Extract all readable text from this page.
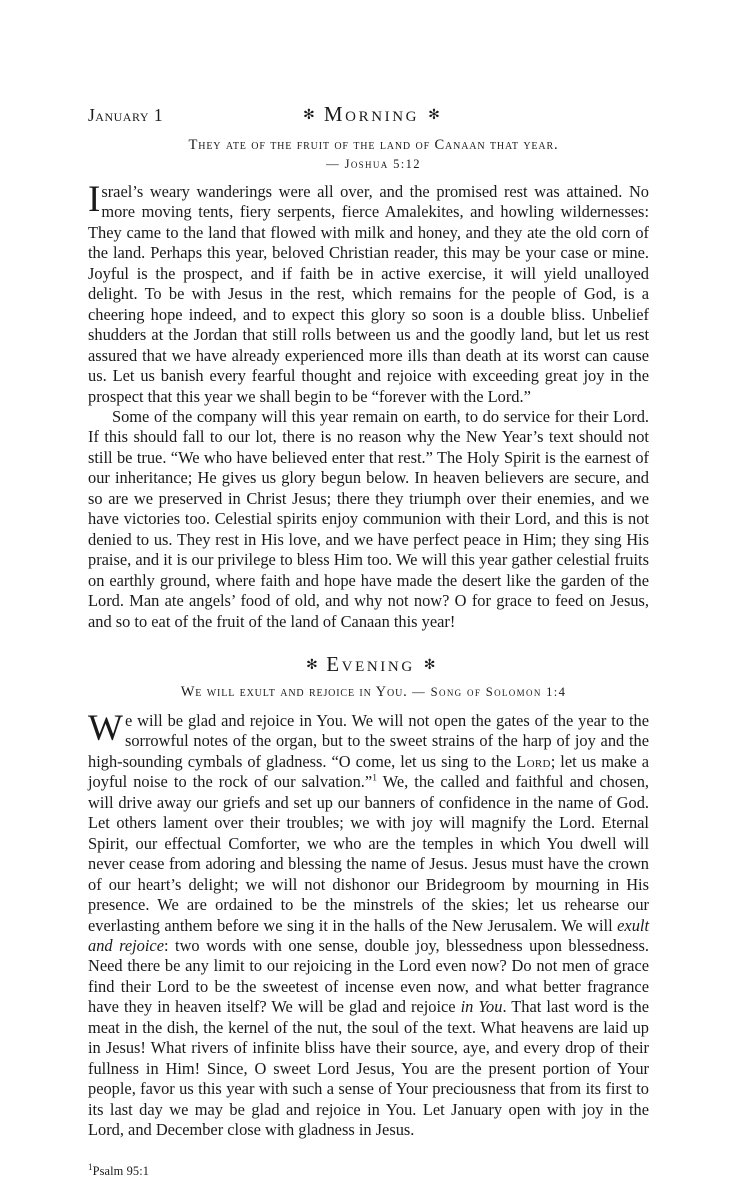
January 1	✻ Morning ✻
They ate of the fruit of the land of Canaan that year.
— Joshua 5:12

Israel’s weary wanderings were all over, and the promised rest was attained. No more moving tents, fiery serpents, fierce Amalekites, and howling wildernesses: They came to the land that flowed with milk and honey, and they ate the old corn of the land. Perhaps this year, beloved Christian reader, this may be your case or mine. Joyful is the prospect, and if faith be in active exercise, it will yield unalloyed delight. To be with Jesus in the rest, which remains for the people of God, is a cheering hope indeed, and to expect this glory so soon is a double bliss. Unbelief shudders at the Jordan that still rolls between us and the goodly land, but let us rest assured that we have already experienced more ills than death at its worst can cause us. Let us banish every fearful thought and rejoice with exceeding great joy in the prospect that this year we shall begin to be “forever with the Lord.”

Some of the company will this year remain on earth, to do service for their Lord. If this should fall to our lot, there is no reason why the New Year’s text should not still be true. “We who have believed enter that rest.” The Holy Spirit is the earnest of our inheritance; He gives us glory begun below. In heaven believers are secure, and so are we preserved in Christ Jesus; there they triumph over their enemies, and we have victories too. Celestial spirits enjoy communion with their Lord, and this is not denied to us. They rest in His love, and we have perfect peace in Him; they sing His praise, and it is our privilege to bless Him too. We will this year gather celestial fruits on earthly ground, where faith and hope have made the desert like the garden of the Lord. Man ate angels’ food of old, and why not now? O for grace to feed on Jesus, and so to eat of the fruit of the land of Canaan this year!

✻ Evening ✻
We will exult and rejoice in You. — Song of Solomon 1:4

We will be glad and rejoice in You. We will not open the gates of the year to the sorrowful notes of the organ, but to the sweet strains of the harp of joy and the high-sounding cymbals of gladness. “O come, let us sing to the Lord; let us make a joyful noise to the rock of our salvation.”$^1$ We, the called and faithful and chosen, will drive away our griefs and set up our banners of confidence in the name of God. Let others lament over their troubles; we with joy will magnify the Lord. Eternal Spirit, our effectual Comforter, we who are the temples in which You dwell will never cease from adoring and blessing the name of Jesus. Jesus must have the crown of our heart’s delight; we will not dishonor our Bridegroom by mourning in His presence. We are ordained to be the minstrels of the skies; let us rehearse our everlasting anthem before we sing it in the halls of the New Jerusalem. We will exult and rejoice: two words with one sense, double joy, blessedness upon blessedness. Need there be any limit to our rejoicing in the Lord even now? Do not men of grace find their Lord to be the sweetest of incense even now, and what better fragrance have they in heaven itself? We will be glad and rejoice in You. That last word is the meat in the dish, the kernel of the nut, the soul of the text. What heavens are laid up in Jesus! What rivers of infinite bliss have their source, aye, and every drop of their fullness in Him! Since, O sweet Lord Jesus, You are the present portion of Your people, favor us this year with such a sense of Your preciousness that from its first to its last day we may be glad and rejoice in You. Let January open with joy in the Lord, and December close with gladness in Jesus.

$^1$Psalm 95:1
